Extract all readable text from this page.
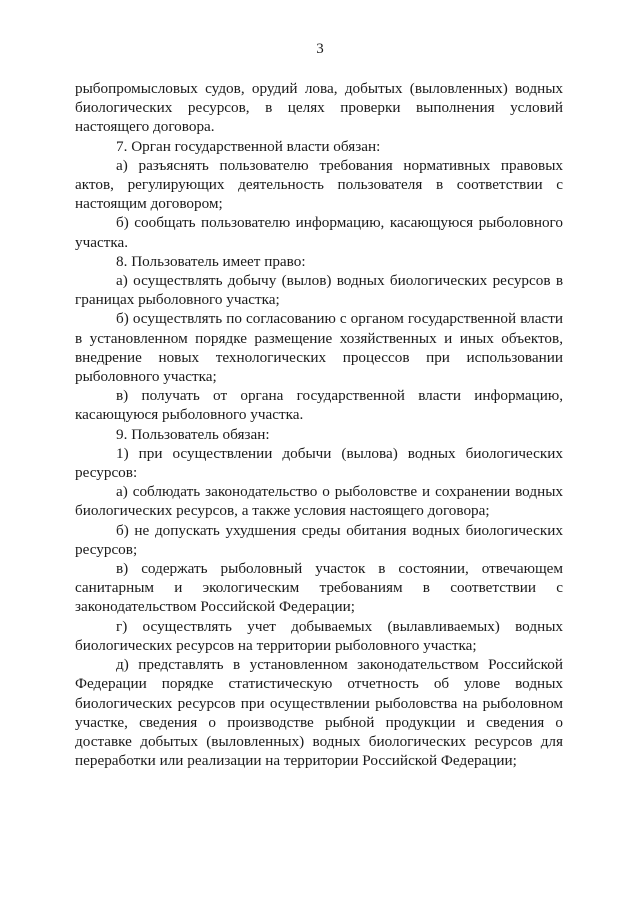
3

рыбопромысловых судов, орудий лова, добытых (выловленных) водных биологических ресурсов, в целях проверки выполнения условий настоящего договора.

7. Орган государственной власти обязан:

а) разъяснять пользователю требования нормативных правовых актов, регулирующих деятельность пользователя в соответствии с настоящим договором;

б) сообщать пользователю информацию, касающуюся рыболовного участка.

8. Пользователь имеет право:

а) осуществлять добычу (вылов) водных биологических ресурсов в границах рыболовного участка;

б) осуществлять по согласованию с органом государственной власти в установленном порядке размещение хозяйственных и иных объектов, внедрение новых технологических процессов при использовании рыболовного участка;

в) получать от органа государственной власти информацию, касающуюся рыболовного участка.

9. Пользователь обязан:

1) при осуществлении добычи (вылова) водных биологических ресурсов:

а) соблюдать законодательство о рыболовстве и сохранении водных биологических ресурсов, а также условия настоящего договора;

б) не допускать ухудшения среды обитания водных биологических ресурсов;

в) содержать рыболовный участок в состоянии, отвечающем санитарным и экологическим требованиям в соответствии с законодательством Российской Федерации;

г) осуществлять учет добываемых (вылавливаемых) водных биологических ресурсов на территории рыболовного участка;

д) представлять в установленном законодательством Российской Федерации порядке статистическую отчетность об улове водных биологических ресурсов при осуществлении рыболовства на рыболовном участке, сведения о производстве рыбной продукции и сведения о доставке добытых (выловленных) водных биологических ресурсов для переработки или реализации на территории Российской Федерации;
